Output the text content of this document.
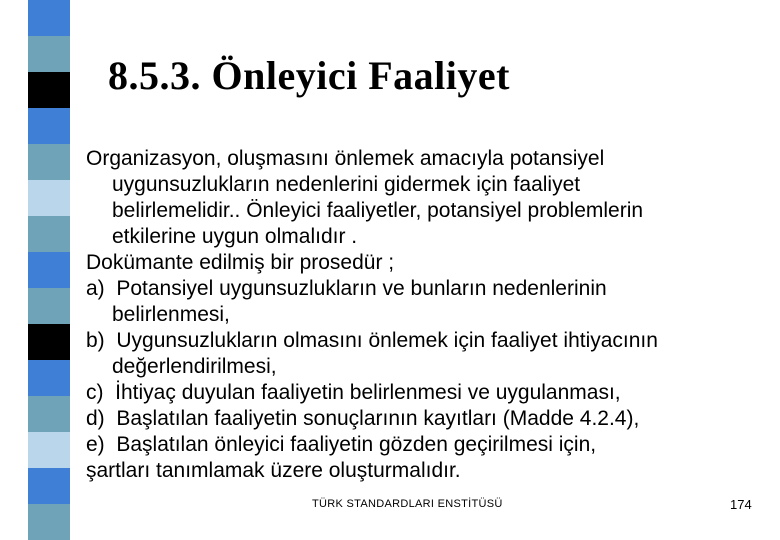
8.5.3. Önleyici Faaliyet

Organizasyon, oluşmasını önlemek amacıyla potansiyel

uygunsuzlukların nedenlerini gidermek için faaliyet

belirlemelidir.. Önleyici faaliyetler, potansiyel problemlerin

etkilerine uygun olmalıdır .

Dokümante edilmiş bir prosedür ;

a) Potansiyel uygunsuzlukların ve bunların nedenlerinin

belirlenmesi,

b) Uygunsuzlukların olmasını önlemek için faaliyet ihtiyacının

değerlendirilmesi,

c) İhtiyaç duyulan faaliyetin belirlenmesi ve uygulanması,

d) Başlatılan faaliyetin sonuçlarının kayıtları (Madde 4.2.4),

e) Başlatılan önleyici faaliyetin gözden geçirilmesi için,

şartları tanımlamak üzere oluşturmalıdır.

TÜRK STANDARDLARI ENSTİTÜSÜ	174
